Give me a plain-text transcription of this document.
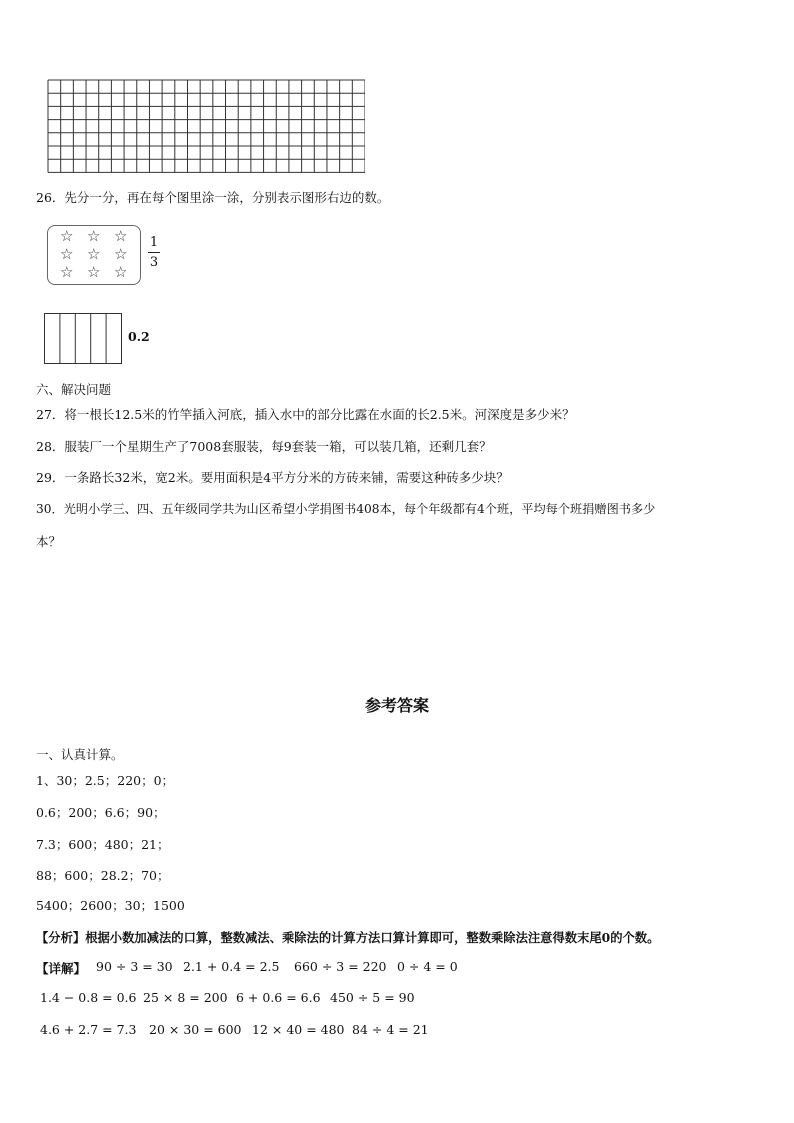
26．先分一分，再在每个图里涂一涂，分别表示图形右边的数。
☆ ☆ ☆
☆ ☆ ☆
☆ ☆ ☆
1
3
0.2
六、解决问题
27．将一根长12.5米的竹竿插入河底，插入水中的部分比露在水面的长2.5米。河深度是多少米？
28．服装厂一个星期生产了7008套服装，每9套装一箱，可以装几箱，还剩几套？
29．一条路长32米，宽2米。要用面积是4平方分米的方砖来铺，需要这种砖多少块？
30．光明小学三、四、五年级同学共为山区希望小学捐图书408本，每个年级都有4个班，平均每个班捐赠图书多少
本？
参考答案
一、认真计算。
1、30；2.5；220；0；
0.6；200；6.6；90；
7.3；600；480；21；
88；600；28.2；70；
5400；2600；30；1500
【分析】根据小数加减法的口算，整数减法、乘除法的计算方法口算计算即可，整数乘除法注意得数末尾0的个数。
【详解】 90 ÷ 3 = 30 2.1 + 0.4 = 2.5 660 ÷ 3 = 220 0 ÷ 4 = 0
1.4 − 0.8 = 0.6 25 × 8 = 200 6 + 0.6 = 6.6 450 ÷ 5 = 90
4.6 + 2.7 = 7.3 20 × 30 = 600 12 × 40 = 480 84 ÷ 4 = 21
